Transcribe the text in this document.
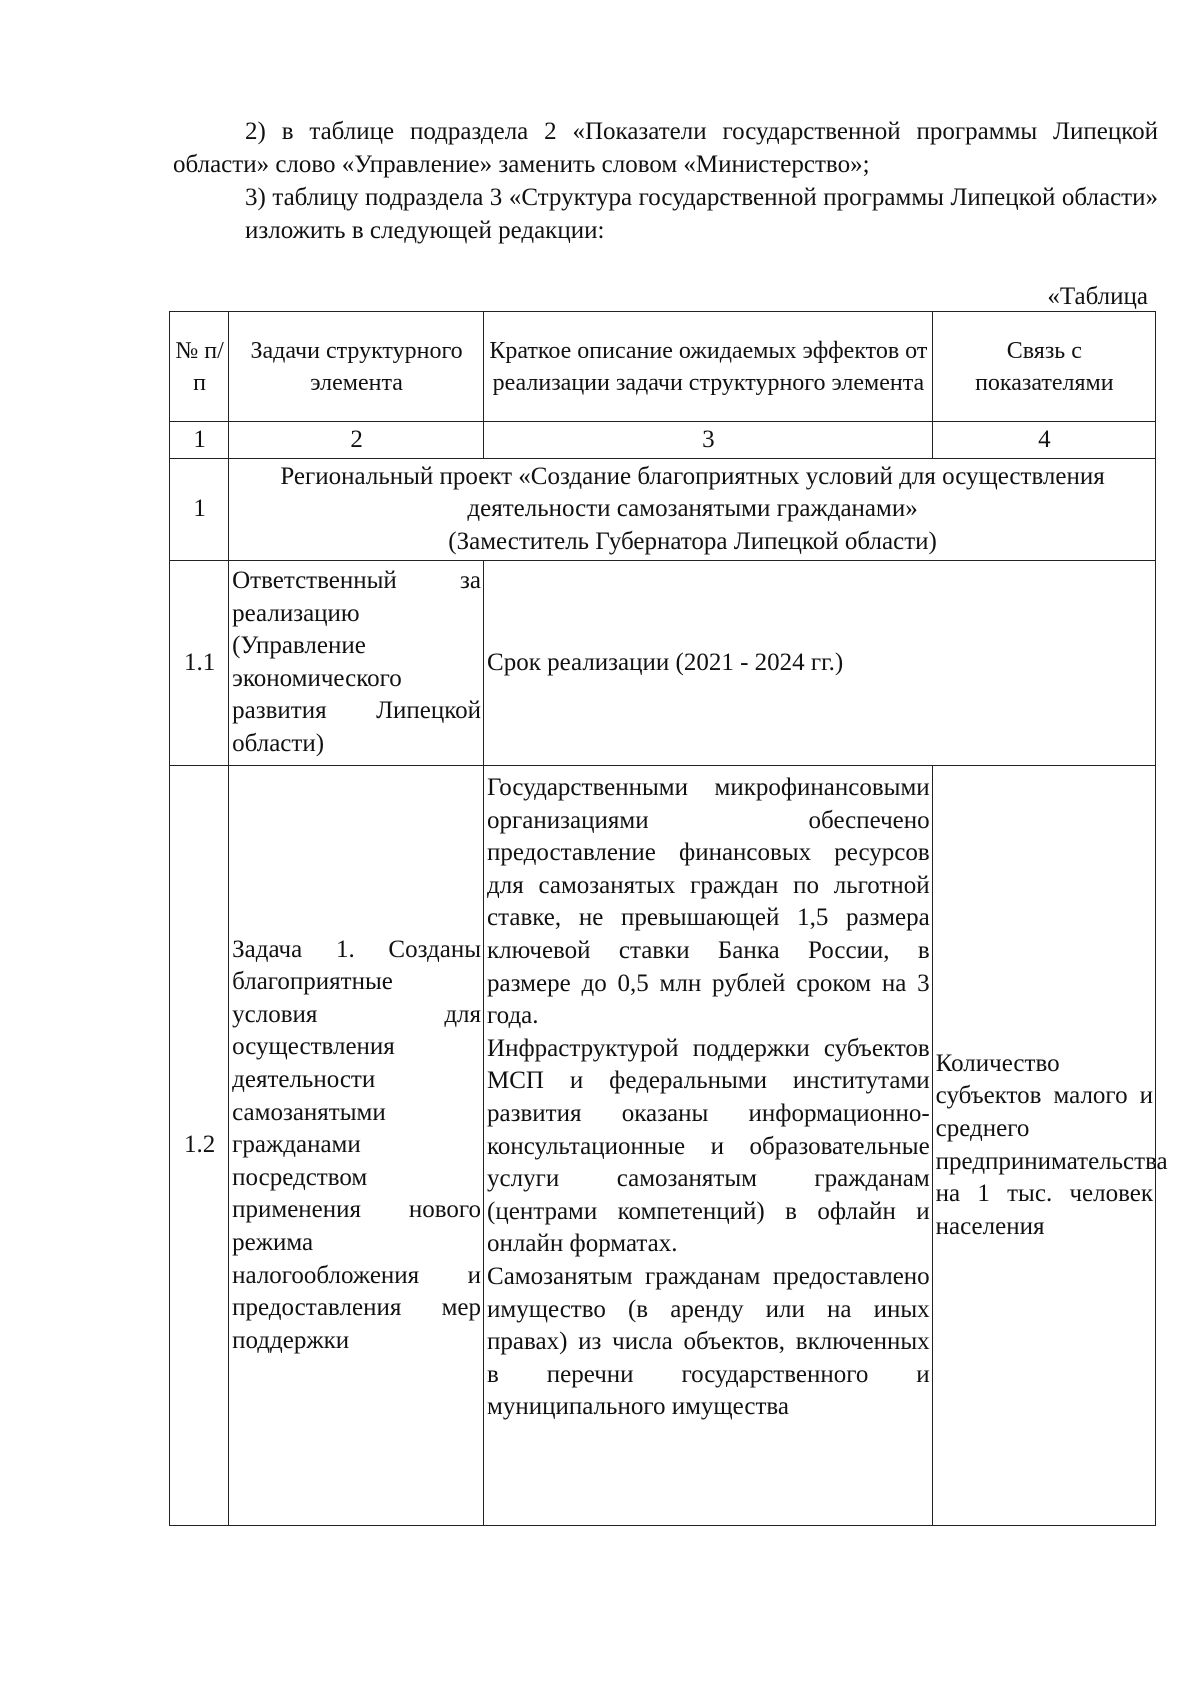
2) в таблице подраздела 2 «Показатели государственной программы Липецкой области» слово «Управление» заменить словом «Министерство»;

3) таблицу подраздела 3 «Структура государственной программы Липецкой области» изложить в следующей редакции:

«Таблица

№ п/п	Задачи структурного элемента	Краткое описание ожидаемых эффектов от реализации задачи структурного элемента	Связь с показателями
1	2	3	4
1	Региональный проект «Создание благоприятных условий для осуществления деятельности самозанятыми гражданами»
(Заместитель Губернатора Липецкой области)		

1.1	Ответственный за реализацию (Управление экономического развития Липецкой области)	Срок реализации (2021 - 2024 гг.)	
1.2	Задача 1. Созданы благоприятные условия для осуществления деятельности самозанятыми гражданами посредством применения нового режима налогообложения и предоставления мер поддержки	Государственными микрофинансовыми организациями обеспечено предоставление финансовых ресурсов для самозанятых граждан по льготной ставке, не превышающей 1,5 размера ключевой ставки Банка России, в размере до 0,5 млн рублей сроком на 3 года.
Инфраструктурой поддержки субъектов МСП и федеральными институтами развития оказаны информационно-консультационные и образовательные услуги самозанятым гражданам (центрами компетенций) в офлайн и онлайн форматах.
Самозанятым гражданам предоставлено имущество (в аренду или на иных правах) из числа объектов, включенных в перечни государственного и муниципального имущества	Количество субъектов малого и среднего предпринимательства на 1 тыс. человек населения
